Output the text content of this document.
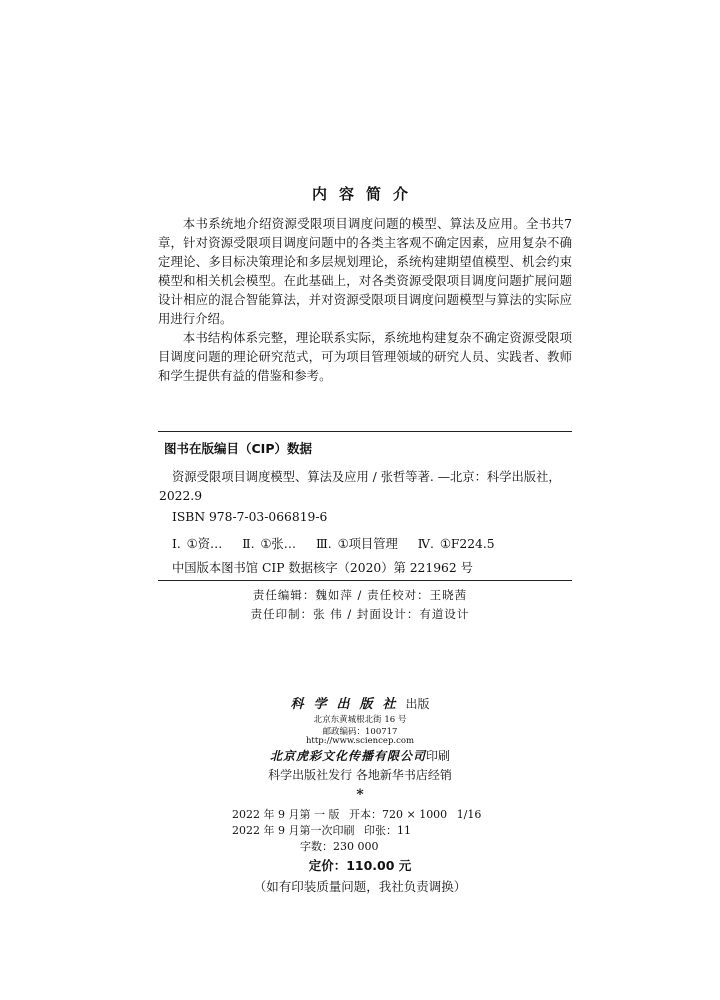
内容简介

本书系统地介绍资源受限项目调度问题的模型、算法及应用。全书共7章，针对资源受限项目调度问题中的各类主客观不确定因素，应用复杂不确定理论、多目标决策理论和多层规划理论，系统构建期望值模型、机会约束模型和相关机会模型。在此基础上，对各类资源受限项目调度问题扩展问题设计相应的混合智能算法，并对资源受限项目调度问题模型与算法的实际应用进行介绍。

本书结构体系完整，理论联系实际，系统地构建复杂不确定资源受限项目调度问题的理论研究范式，可为项目管理领域的研究人员、实践者、教师和学生提供有益的借鉴和参考。

图书在版编目（CIP）数据
资源受限项目调度模型、算法及应用 / 张哲等著. —北京：科学出版社，
2022.9
ISBN 978-7-03-066819-6
Ⅰ. ①资… Ⅱ. ①张… Ⅲ. ①项目管理 Ⅳ. ①F224.5
中国版本图书馆 CIP 数据核字（2020）第 221962 号
责任编辑：魏如萍 / 责任校对：王晓茜
责任印制：张 伟 / 封面设计：有道设计
科学出版社出版
北京东黄城根北街 16 号
邮政编码：100717
http://www.sciencep.com
北京虎彩文化传播有限公司印刷
科学出版社发行 各地新华书店经销
*
2022 年 9 月第 一 版 开本：720 × 1000 1/16
2022 年 9 月第一次印刷 印张：11
字数：230 000
定价：110.00 元
（如有印装质量问题，我社负责调换）
